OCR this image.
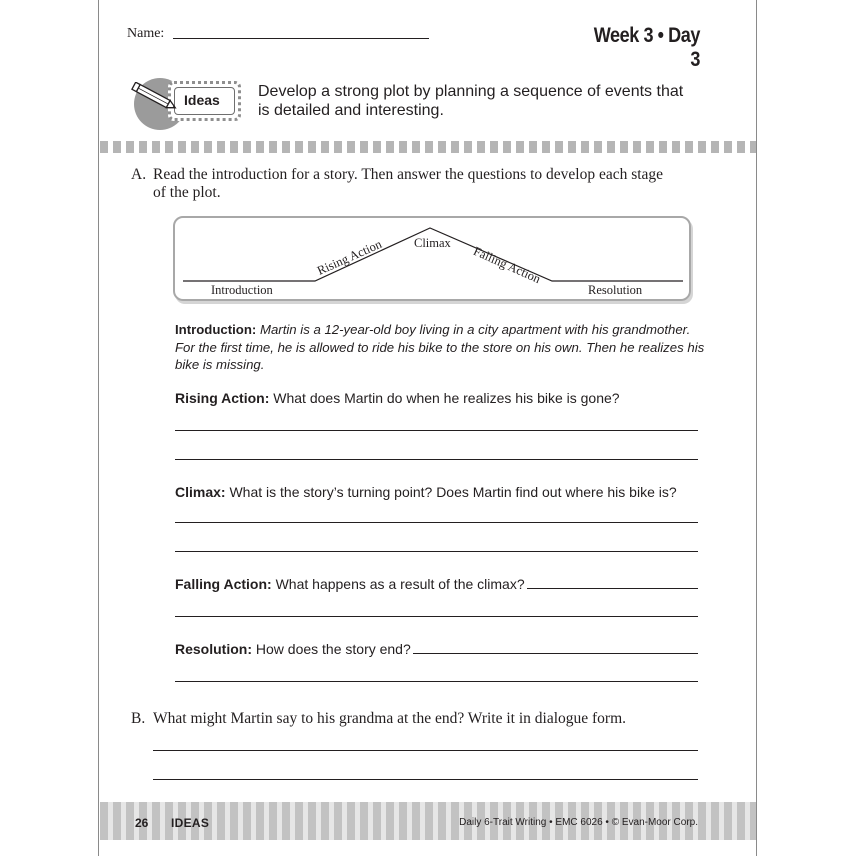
Name:	Week 3 • Day 3
Ideas Develop a strong plot by planning a sequence of events that is detailed and interesting.
A. Read the introduction for a story. Then answer the questions to develop each stage of the plot.
Introduction
Rising Action Climax
Falling Action
Resolution
Introduction: Martin is a 12-year-old boy living in a city apartment with his grandmother. For the first time, he is allowed to ride his bike to the store on his own. Then he realizes his bike is missing.
Rising Action: What does Martin do when he realizes his bike is gone?
Climax: What is the story’s turning point? Does Martin find out where his bike is?
Falling Action: What happens as a result of the climax?
Resolution: How does the story end?
B. What might Martin say to his grandma at the end? Write it in dialogue form.
26 IDEAS	Daily 6-Trait Writing • EMC 6026 • © Evan-Moor Corp.
